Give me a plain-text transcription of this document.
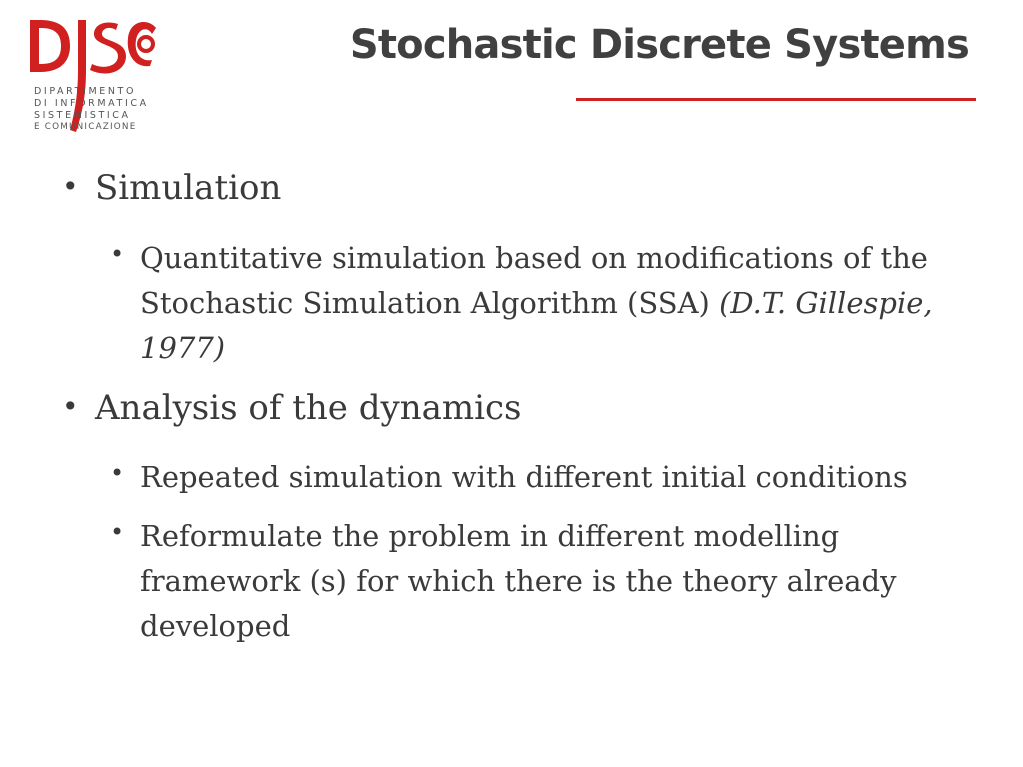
DIPARTIMENTO
DI INFORMATICA
SISTEMISTICA
E COMUNICAZIONE
Stochastic Discrete Systems
• Simulation
• Quantitative simulation based on modifications of the Stochastic Simulation Algorithm (SSA) (D.T. Gillespie, 1977)
• Analysis of the dynamics
• Repeated simulation with different initial conditions
• Reformulate the problem in different modelling framework (s) for which there is the theory already developed
